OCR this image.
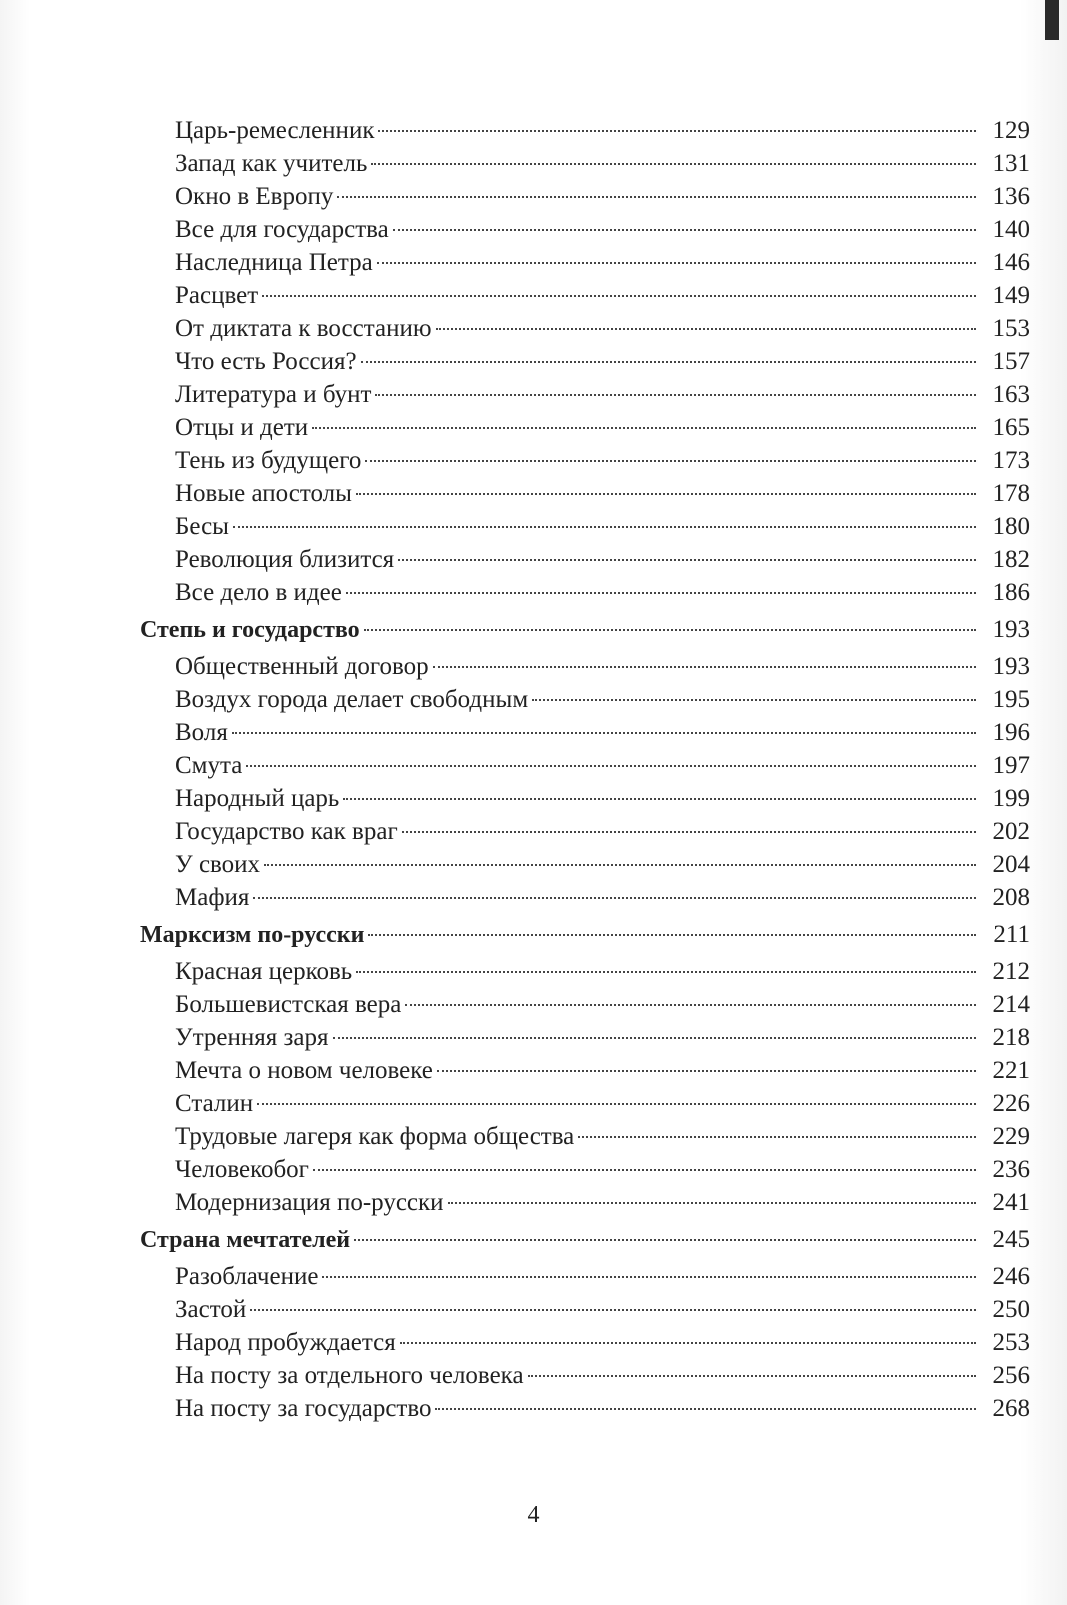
Царь-ремесленник	129
Запад как учитель	131
Окно в Европу	136
Все для государства	140
Наследница Петра	146
Расцвет	149
От диктата к восстанию	153
Что есть Россия?	157
Литература и бунт	163
Отцы и дети	165
Тень из будущего	173
Новые апостолы	178
Бесы	180
Революция близится	182
Все дело в идее	186
Степь и государство	193
Общественный договор	193
Воздух города делает свободным	195
Воля	196
Смута	197
Народный царь	199
Государство как враг	202
У своих	204
Мафия	208
Марксизм по-русски	211
Красная церковь	212
Большевистская вера	214
Утренняя заря	218
Мечта о новом человеке	221
Сталин	226
Трудовые лагеря как форма общества	229
Человекобог	236
Модернизация по-русски	241
Страна мечтателей	245
Разоблачение	246
Застой	250
Народ пробуждается	253
На посту за отдельного человека	256
На посту за государство	268
4
